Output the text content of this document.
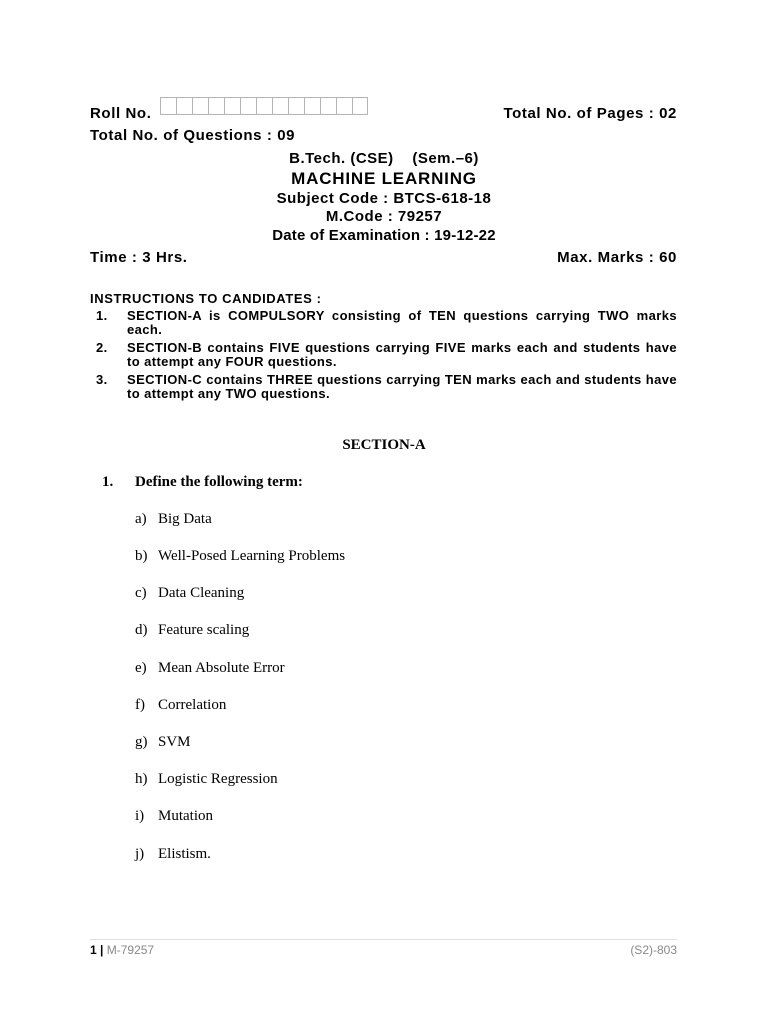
Roll No.	Total No. of Pages : 02
Total No. of Questions : 09
B.Tech. (CSE)    (Sem.–6)
MACHINE LEARNING
Subject Code : BTCS-618-18
M.Code : 79257
Date of Examination : 19-12-22
Time : 3 Hrs.	Max. Marks : 60
INSTRUCTIONS TO CANDIDATES :
1. SECTION-A is COMPULSORY consisting of TEN questions carrying TWO marks each.
2. SECTION-B contains FIVE questions carrying FIVE marks each and students have to attempt any FOUR questions.
3. SECTION-C contains THREE questions carrying TEN marks each and students have to attempt any TWO questions.
SECTION-A
1. Define the following term:
a) Big Data
b) Well-Posed Learning Problems
c) Data Cleaning
d) Feature scaling
e) Mean Absolute Error
f) Correlation
g) SVM
h) Logistic Regression
i) Mutation
j) Elistism.
1 | M-79257	(S2)-803
